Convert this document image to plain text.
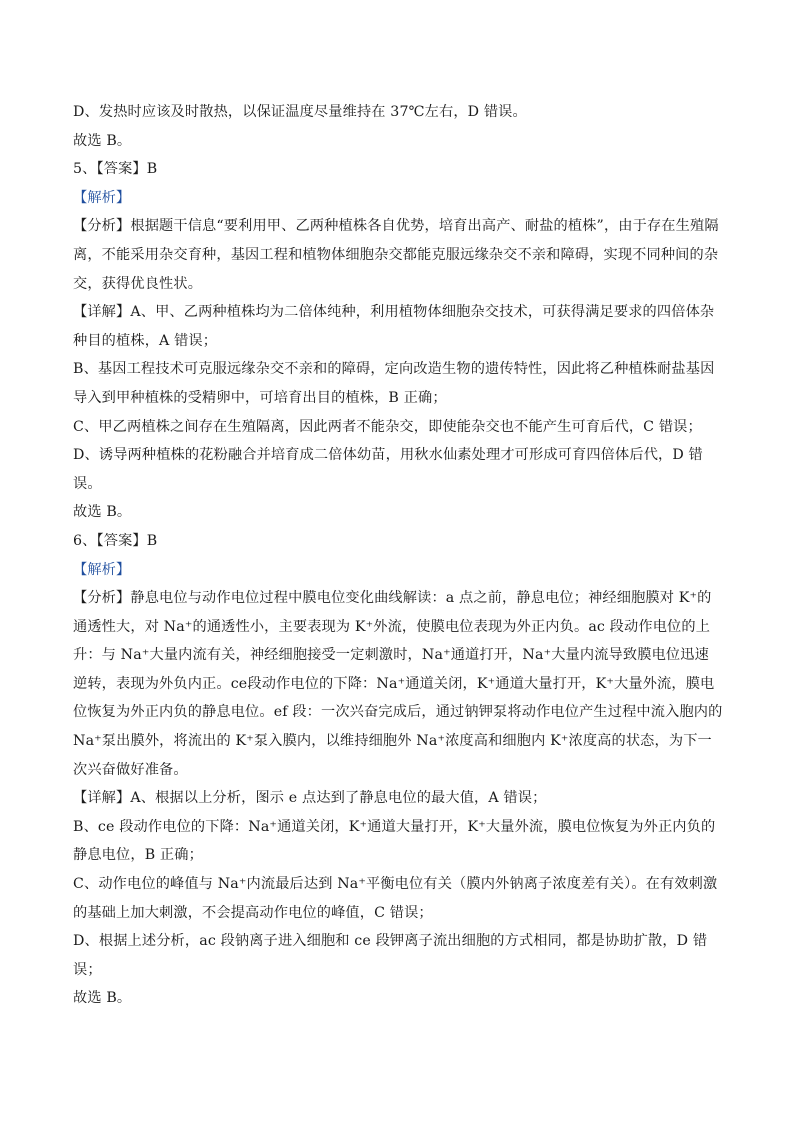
D、发热时应该及时散热，以保证温度尽量维持在 37℃左右，D 错误。

故选 B。

5、【答案】B

【解析】

【分析】根据题干信息“要利用甲、乙两种植株各自优势，培育出高产、耐盐的植株”，由于存在生殖隔离，不能采用杂交育种，基因工程和植物体细胞杂交都能克服远缘杂交不亲和障碍，实现不同种间的杂交，获得优良性状。

【详解】A、甲、乙两种植株均为二倍体纯种，利用植物体细胞杂交技术，可获得满足要求的四倍体杂种目的植株，A 错误；

B、基因工程技术可克服远缘杂交不亲和的障碍，定向改造生物的遗传特性，因此将乙种植株耐盐基因导入到甲种植株的受精卵中，可培育出目的植株，B 正确；

C、甲乙两植株之间存在生殖隔离，因此两者不能杂交，即使能杂交也不能产生可育后代，C 错误；

D、诱导两种植株的花粉融合并培育成二倍体幼苗，用秋水仙素处理才可形成可育四倍体后代，D 错误。

故选 B。

6、【答案】B

【解析】

【分析】静息电位与动作电位过程中膜电位变化曲线解读：a 点之前，静息电位；神经细胞膜对 K⁺的通透性大，对 Na⁺的通透性小，主要表现为 K⁺外流，使膜电位表现为外正内负。ac 段动作电位的上升：与 Na⁺大量内流有关，神经细胞接受一定刺激时，Na⁺通道打开，Na⁺大量内流导致膜电位迅速逆转，表现为外负内正。ce段动作电位的下降：Na⁺通道关闭，K⁺通道大量打开，K⁺大量外流，膜电位恢复为外正内负的静息电位。ef 段：一次兴奋完成后，通过钠钾泵将动作电位产生过程中流入胞内的 Na⁺泵出膜外，将流出的 K⁺泵入膜内，以维持细胞外 Na⁺浓度高和细胞内 K⁺浓度高的状态，为下一次兴奋做好准备。

【详解】A、根据以上分析，图示 e 点达到了静息电位的最大值，A 错误；

B、ce 段动作电位的下降：Na⁺通道关闭，K⁺通道大量打开，K⁺大量外流，膜电位恢复为外正内负的静息电位，B 正确；

C、动作电位的峰值与 Na⁺内流最后达到 Na⁺平衡电位有关（膜内外钠离子浓度差有关）。在有效刺激的基础上加大刺激，不会提高动作电位的峰值，C 错误；

D、根据上述分析，ac 段钠离子进入细胞和 ce 段钾离子流出细胞的方式相同，都是协助扩散，D 错误；

故选 B。
